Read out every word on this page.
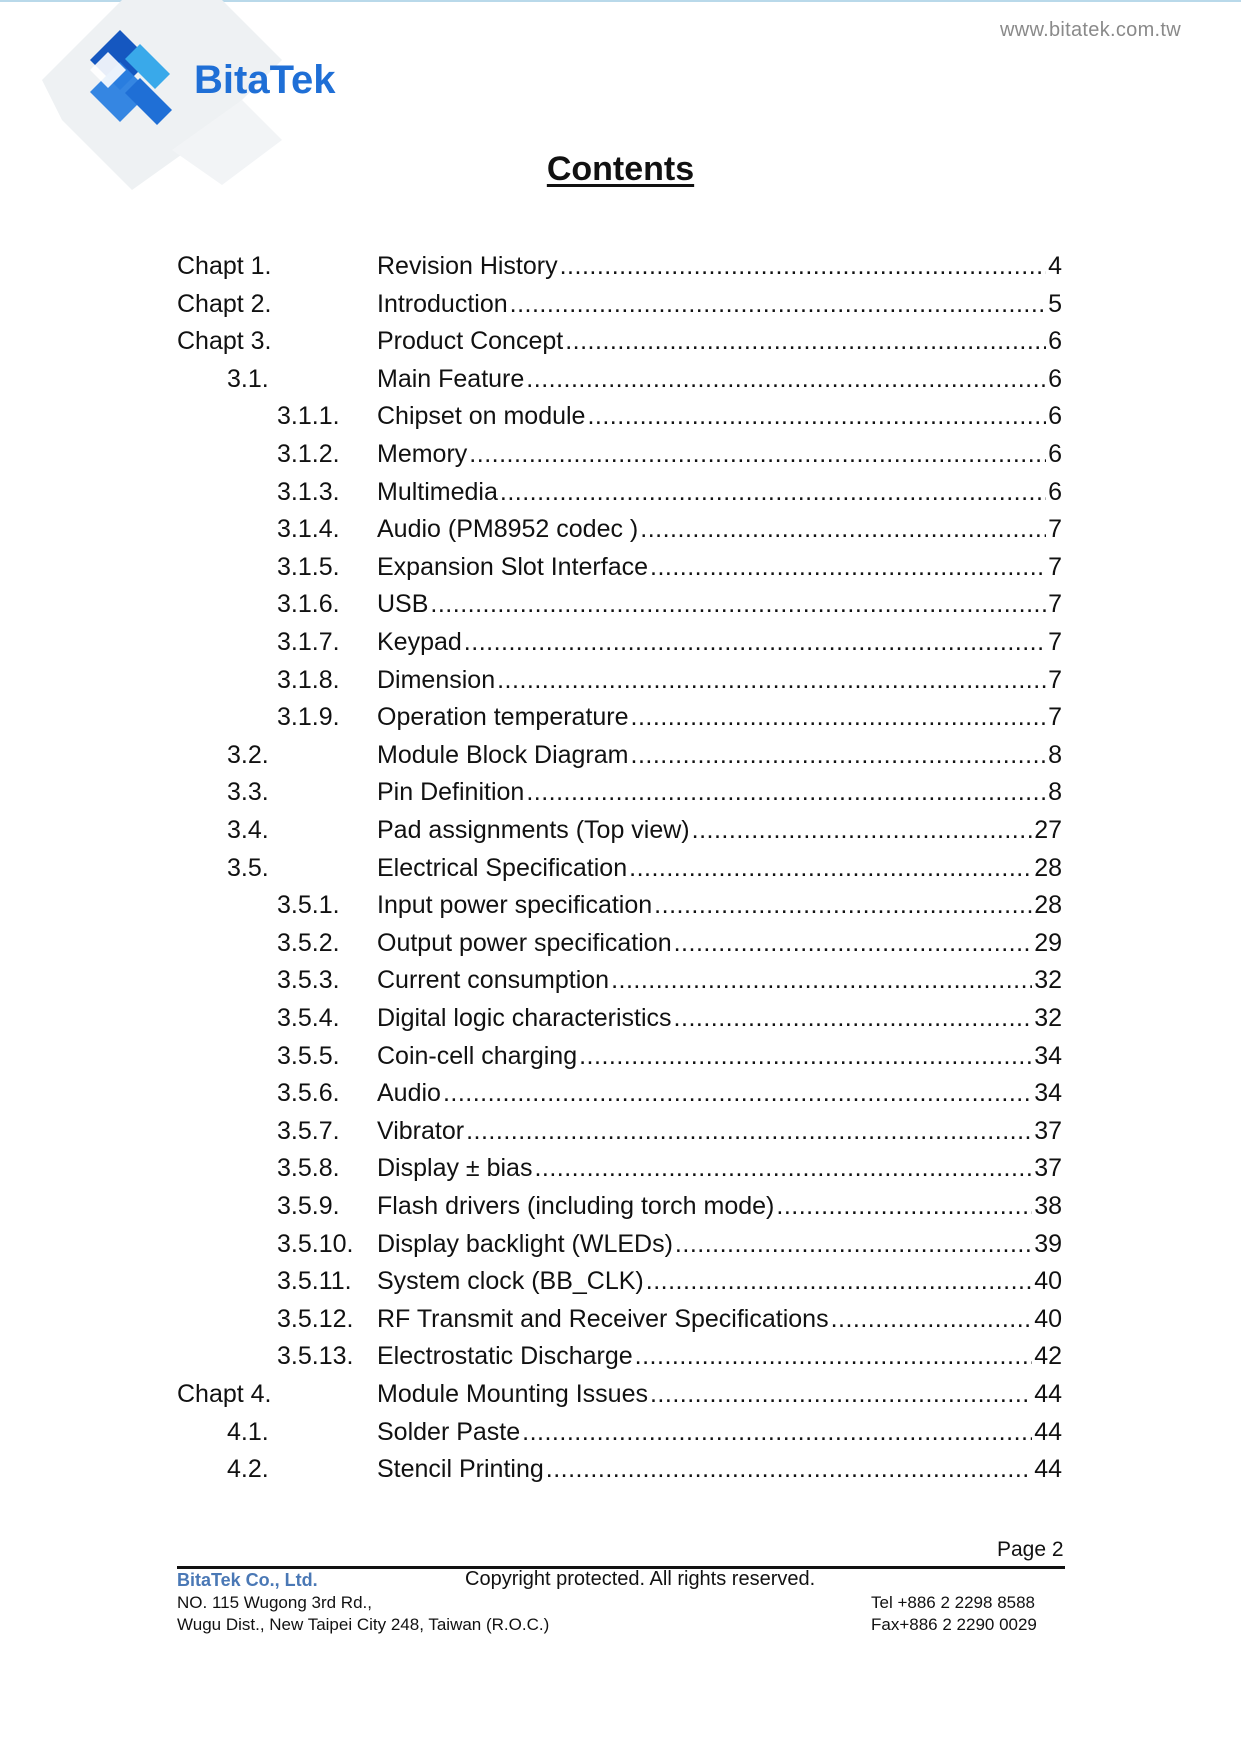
BitaTek
www.bitatek.com.tw
Contents
Chapt 1.	Revision History .....	4
Chapt 2.	Introduction .....	5
Chapt 3.	Product Concept .....	6
3.1.	Main Feature .....	6
3.1.1. Chipset on module .....	6
3.1.2. Memory .....	6
3.1.3. Multimedia .....	6
3.1.4. Audio (PM8952 codec ) .....	7
3.1.5. Expansion Slot Interface .....	7
3.1.6. USB .....	7
3.1.7. Keypad .....	7
3.1.8. Dimension .....	7
3.1.9. Operation temperature .....	7
3.2.	Module Block Diagram .....	8
3.3.	Pin Definition .....	8
3.4.	Pad assignments (Top view) .....	27
3.5.	Electrical Specification .....	28
3.5.1. Input power specification .....	28
3.5.2. Output power specification .....	29
3.5.3. Current consumption .....	32
3.5.4. Digital logic characteristics .....	32
3.5.5. Coin-cell charging .....	34
3.5.6. Audio .....	34
3.5.7. Vibrator .....	37
3.5.8. Display ± bias .....	37
3.5.9. Flash drivers (including torch mode) .....	38
3.5.10. Display backlight (WLEDs) .....	39
3.5.11. System clock (BB_CLK) .....	40
3.5.12. RF Transmit and Receiver Specifications .....	40
3.5.13. Electrostatic Discharge .....	42
Chapt 4.	Module Mounting Issues .....	44
4.1.	Solder Paste .....	44
4.2.	Stencil Printing .....	44
Page 2
BitaTek Co., Ltd.	Copyright protected. All rights reserved.
NO. 115 Wugong 3rd Rd.,
Wugu Dist., New Taipei City 248, Taiwan (R.O.C.)
Tel +886 2 2298 8588
Fax+886 2 2290 0029
